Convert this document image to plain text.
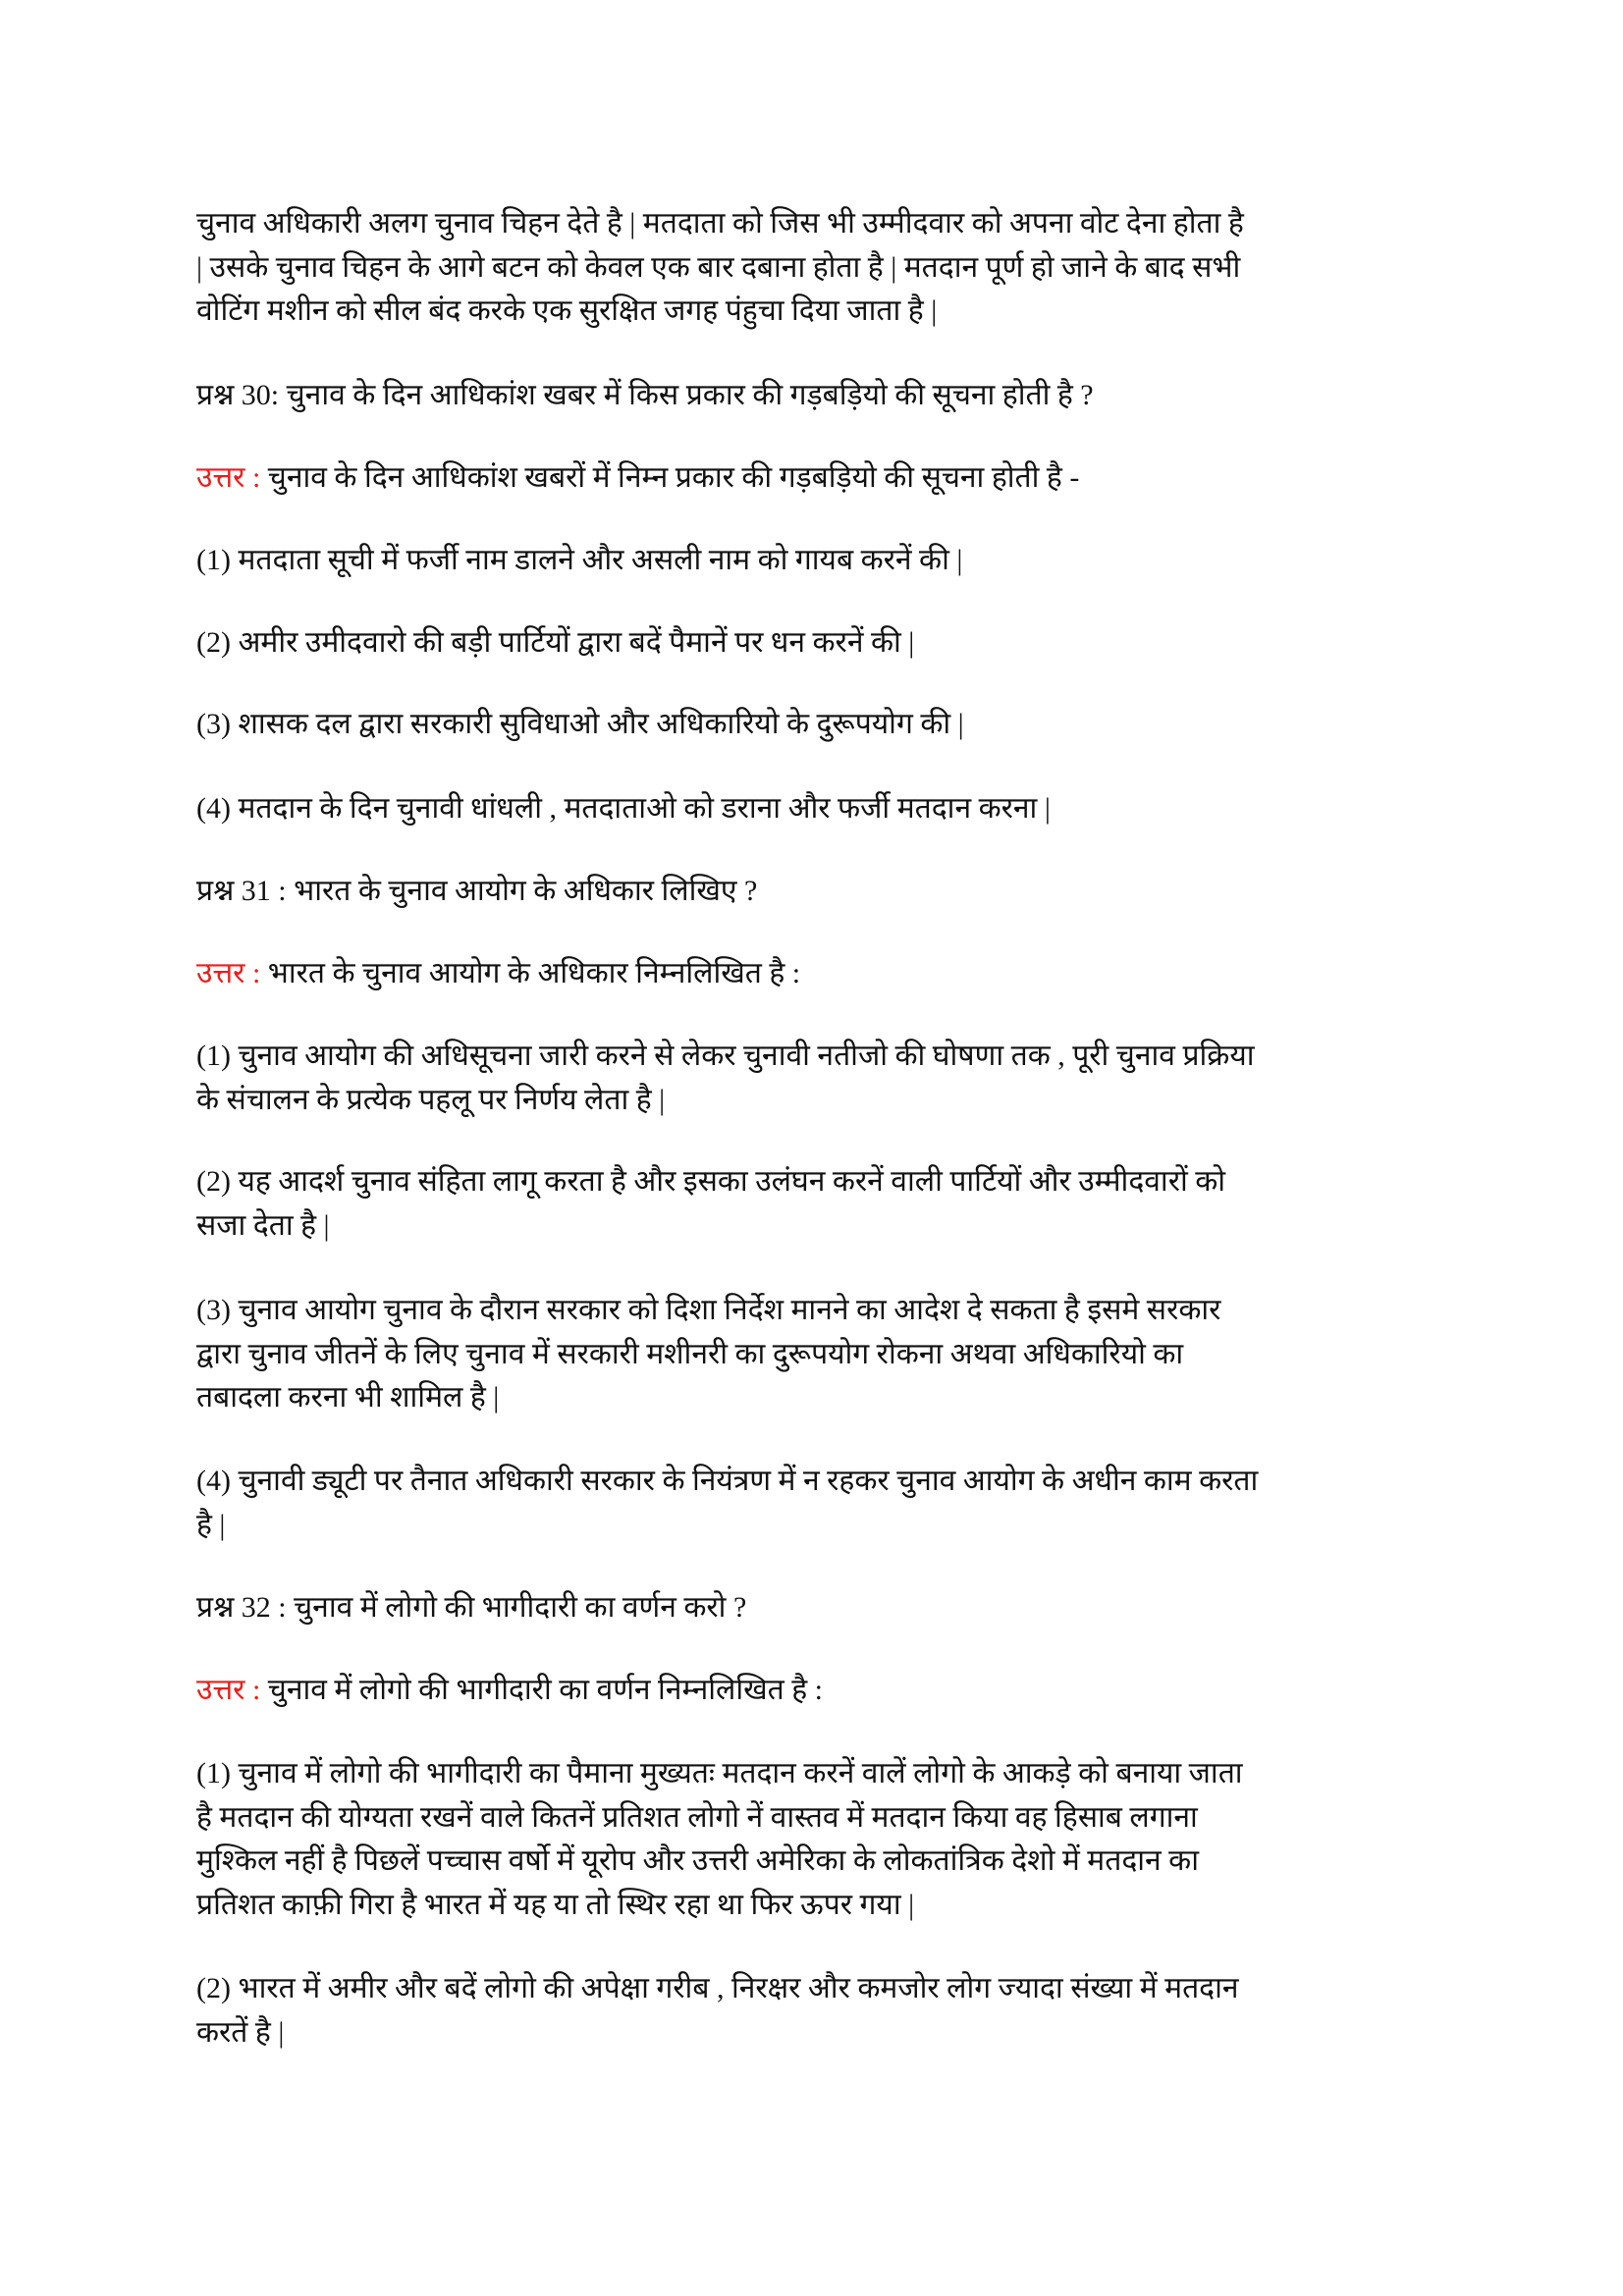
चुनाव अधिकारी अलग चुनाव चिहन देते है | मतदाता को जिस भी उम्मीदवार को अपना वोट देना होता है
| उसके चुनाव चिहन के आगे बटन को केवल एक बार दबाना होता है | मतदान पूर्ण हो जाने के बाद सभी
वोटिंग मशीन को सील बंद करके एक सुरक्षित जगह पंहुचा दिया जाता है |
प्रश्न 30: चुनाव के दिन आधिकांश खबर में किस प्रकार की गड़बड़ियो की सूचना होती है ?
उत्तर : चुनाव के दिन आधिकांश खबरों में निम्न प्रकार की गड़बड़ियो की सूचना होती है -
(1) मतदाता सूची में फर्जी नाम डालने और असली नाम को गायब करनें की |
(2) अमीर उमीदवारो की बड़ी पार्टियों द्वारा बदें पैमानें पर धन करनें की |
(3) शासक दल द्वारा सरकारी सुविधाओ और अधिकारियो के दुरूपयोग की |
(4) मतदान के दिन चुनावी धांधली , मतदाताओ को डराना और फर्जी मतदान करना |
प्रश्न 31 : भारत के चुनाव आयोग के अधिकार लिखिए ?
उत्तर : भारत के चुनाव आयोग के अधिकार निम्नलिखित है :
(1) चुनाव आयोग की अधिसूचना जारी करने से लेकर चुनावी नतीजो की घोषणा तक , पूरी चुनाव प्रक्रिया
के संचालन के प्रत्येक पहलू पर निर्णय लेता है |
(2) यह आदर्श चुनाव संहिता लागू करता है और इसका उलंघन करनें वाली पार्टियों और उम्मीदवारों को
सजा देता है |
(3) चुनाव आयोग चुनाव के दौरान सरकार को दिशा निर्देश मानने का आदेश दे सकता है इसमे सरकार
द्वारा चुनाव जीतनें के लिए चुनाव में सरकारी मशीनरी का दुरूपयोग रोकना अथवा अधिकारियो का
तबादला करना भी शामिल है |
(4) चुनावी ड्यूटी पर तैनात अधिकारी सरकार के नियंत्रण में न रहकर चुनाव आयोग के अधीन काम करता
है |
प्रश्न 32 : चुनाव में लोगो की भागीदारी का वर्णन करो ?
उत्तर : चुनाव में लोगो की भागीदारी का वर्णन निम्नलिखित है :
(1) चुनाव में लोगो की भागीदारी का पैमाना मुख्यतः मतदान करनें वालें लोगो के आकड़े को बनाया जाता
है मतदान की योग्यता रखनें वाले कितनें प्रतिशत लोगो नें वास्तव में मतदान किया वह हिसाब लगाना
मुश्किल नहीं है पिछलें पच्चास वर्षो में यूरोप और उत्तरी अमेरिका के लोकतांत्रिक देशो में मतदान का
प्रतिशत काफ़ी गिरा है भारत में यह या तो स्थिर रहा था फिर ऊपर गया |
(2) भारत में अमीर और बदें लोगो की अपेक्षा गरीब , निरक्षर और कमजोर लोग ज्यादा संख्या में मतदान
करतें है |
